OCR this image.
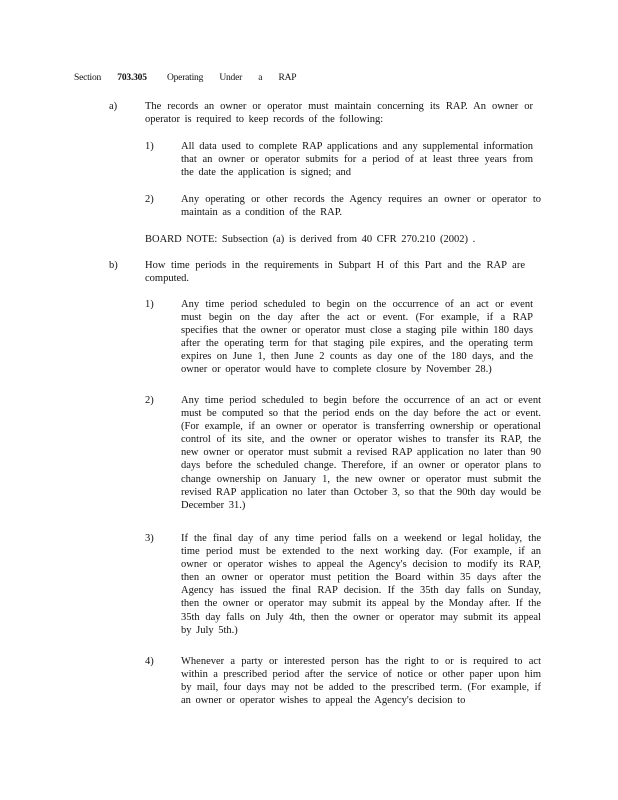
Section 703.305 Operating Under a RAP
a)	The records an owner or operator must maintain concerning its RAP. An owner or operator is required to keep records of the following:
1)	All data used to complete RAP applications and any supplemental information that an owner or operator submits for a period of at least three years from the date the application is signed; and
2)	Any operating or other records the Agency requires an owner or operator to maintain as a condition of the RAP.
BOARD NOTE: Subsection (a) is derived from 40 CFR 270.210 (2002) .
b)	How time periods in the requirements in Subpart H of this Part and the RAP are computed.
1)	Any time period scheduled to begin on the occurrence of an act or event must begin on the day after the act or event. (For example, if a RAP specifies that the owner or operator must close a staging pile within 180 days after the operating term for that staging pile expires, and the operating term expires on June 1, then June 2 counts as day one of the 180 days, and the owner or operator would have to complete closure by November 28.)
2)	Any time period scheduled to begin before the occurrence of an act or event must be computed so that the period ends on the day before the act or event. (For example, if an owner or operator is transferring ownership or operational control of its site, and the owner or operator wishes to transfer its RAP, the new owner or operator must submit a revised RAP application no later than 90 days before the scheduled change. Therefore, if an owner or operator plans to change ownership on January 1, the new owner or operator must submit the revised RAP application no later than October 3, so that the 90th day would be December 31.)
3)	If the final day of any time period falls on a weekend or legal holiday, the time period must be extended to the next working day. (For example, if an owner or operator wishes to appeal the Agency's decision to modify its RAP, then an owner or operator must petition the Board within 35 days after the Agency has issued the final RAP decision. If the 35th day falls on Sunday, then the owner or operator may submit its appeal by the Monday after. If the 35th day falls on July 4th, then the owner or operator may submit its appeal by July 5th.)
4)	Whenever a party or interested person has the right to or is required to act within a prescribed period after the service of notice or other paper upon him by mail, four days may not be added to the prescribed term. (For example, if an owner or operator wishes to appeal the Agency's decision to
